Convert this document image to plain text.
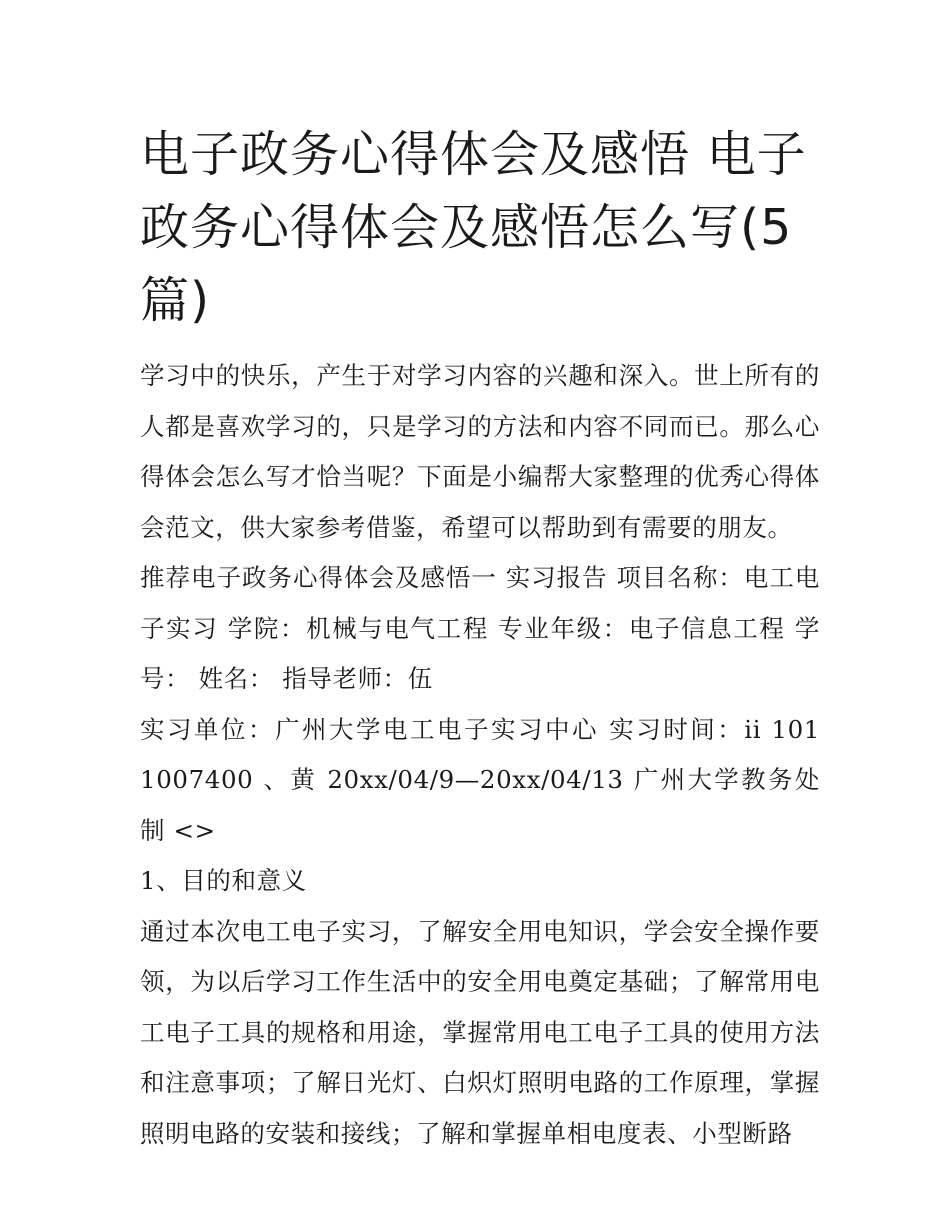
电子政务心得体会及感悟 电子政务心得体会及感悟怎么写(5篇)

学习中的快乐，产生于对学习内容的兴趣和深入。世上所有的人都是喜欢学习的，只是学习的方法和内容不同而已。那么心得体会怎么写才恰当呢？下面是小编帮大家整理的优秀心得体会范文，供大家参考借鉴，希望可以帮助到有需要的朋友。

推荐电子政务心得体会及感悟一 实习报告 项目名称：电工电子实习 学院：机械与电气工程 专业年级：电子信息工程 学号： 姓名： 指导老师：伍

实习单位：广州大学电工电子实习中心 实习时间：ii 101 1007400 、黄 20xx/04/9—20xx/04/13 广州大学教务处制 <>

1、目的和意义

通过本次电工电子实习，了解安全用电知识，学会安全操作要领，为以后学习工作生活中的安全用电奠定基础；了解常用电工电子工具的规格和用途，掌握常用电工电子工具的使用方法和注意事项；了解日光灯、白炽灯照明电路的工作原理，掌握照明电路的安装和接线；了解和掌握单相电度表、小型断路
